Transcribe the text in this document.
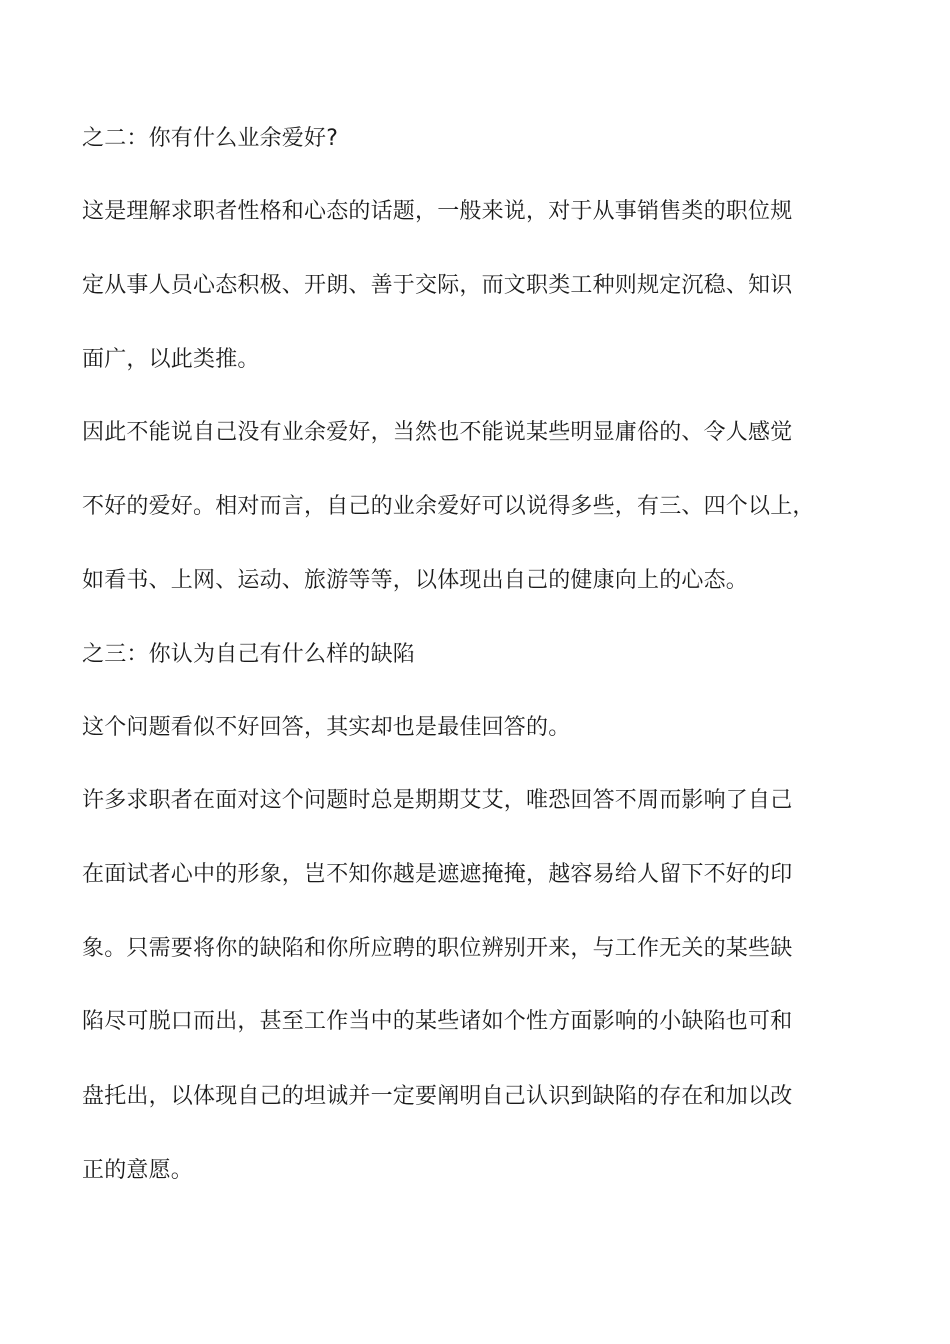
之二：你有什么业余爱好?

这是理解求职者性格和心态的话题，一般来说，对于从事销售类的职位规

定从事人员心态积极、开朗、善于交际，而文职类工种则规定沉稳、知识

面广，以此类推。

因此不能说自己没有业余爱好，当然也不能说某些明显庸俗的、令人感觉

不好的爱好。相对而言，自己的业余爱好可以说得多些，有三、四个以上，

如看书、上网、运动、旅游等等，以体现出自己的健康向上的心态。

之三：你认为自己有什么样的缺陷

这个问题看似不好回答，其实却也是最佳回答的。

许多求职者在面对这个问题时总是期期艾艾，唯恐回答不周而影响了自己

在面试者心中的形象，岂不知你越是遮遮掩掩，越容易给人留下不好的印

象。只需要将你的缺陷和你所应聘的职位辨别开来，与工作无关的某些缺

陷尽可脱口而出，甚至工作当中的某些诸如个性方面影响的小缺陷也可和

盘托出，以体现自己的坦诚并一定要阐明自己认识到缺陷的存在和加以改

正的意愿。
